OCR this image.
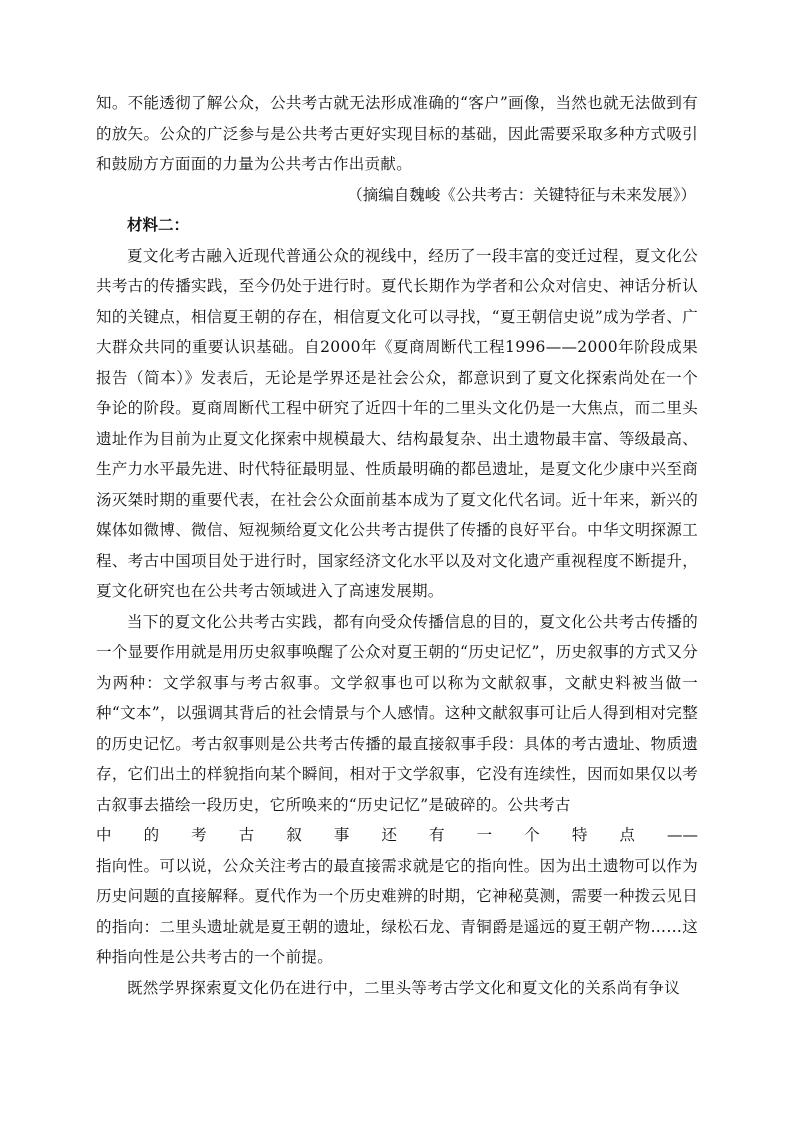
知。不能透彻了解公众，公共考古就无法形成准确的“客户”画像，当然也就无法做到有的放矢。公众的广泛参与是公共考古更好实现目标的基础，因此需要采取多种方式吸引和鼓励方方面面的力量为公共考古作出贡献。

（摘编自魏峻《公共考古：关键特征与未来发展》）

材料二：

夏文化考古融入近现代普通公众的视线中，经历了一段丰富的变迁过程，夏文化公共考古的传播实践，至今仍处于进行时。夏代长期作为学者和公众对信史、神话分析认知的关键点，相信夏王朝的存在，相信夏文化可以寻找，“夏王朝信史说”成为学者、广大群众共同的重要认识基础。自2000年《夏商周断代工程1996——2000年阶段成果报告（简本）》发表后，无论是学界还是社会公众，都意识到了夏文化探索尚处在一个争论的阶段。夏商周断代工程中研究了近四十年的二里头文化仍是一大焦点，而二里头遗址作为目前为止夏文化探索中规模最大、结构最复杂、出土遗物最丰富、等级最高、生产力水平最先进、时代特征最明显、性质最明确的都邑遗址，是夏文化少康中兴至商汤灭桀时期的重要代表，在社会公众面前基本成为了夏文化代名词。近十年来，新兴的媒体如微博、微信、短视频给夏文化公共考古提供了传播的良好平台。中华文明探源工程、考古中国项目处于进行时，国家经济文化水平以及对文化遗产重视程度不断提升，夏文化研究也在公共考古领域进入了高速发展期。

当下的夏文化公共考古实践，都有向受众传播信息的目的，夏文化公共考古传播的一个显要作用就是用历史叙事唤醒了公众对夏王朝的“历史记忆”，历史叙事的方式又分为两种：文学叙事与考古叙事。文学叙事也可以称为文献叙事，文献史料被当做一种“文本”，以强调其背后的社会情景与个人感情。这种文献叙事可让后人得到相对完整的历史记忆。考古叙事则是公共考古传播的最直接叙事手段：具体的考古遗址、物质遗存，它们出土的样貌指向某个瞬间，相对于文学叙事，它没有连续性，因而如果仅以考古叙事去描绘一段历史，它所唤来的“历史记忆”是破碎的。公共考古

中的考古叙事还有一个特点——

指向性。可以说，公众关注考古的最直接需求就是它的指向性。因为出土遗物可以作为历史问题的直接解释。夏代作为一个历史难辨的时期，它神秘莫测，需要一种拨云见日的指向：二里头遗址就是夏王朝的遗址，绿松石龙、青铜爵是遥远的夏王朝产物……这种指向性是公共考古的一个前提。

既然学界探索夏文化仍在进行中，二里头等考古学文化和夏文化的关系尚有争议
